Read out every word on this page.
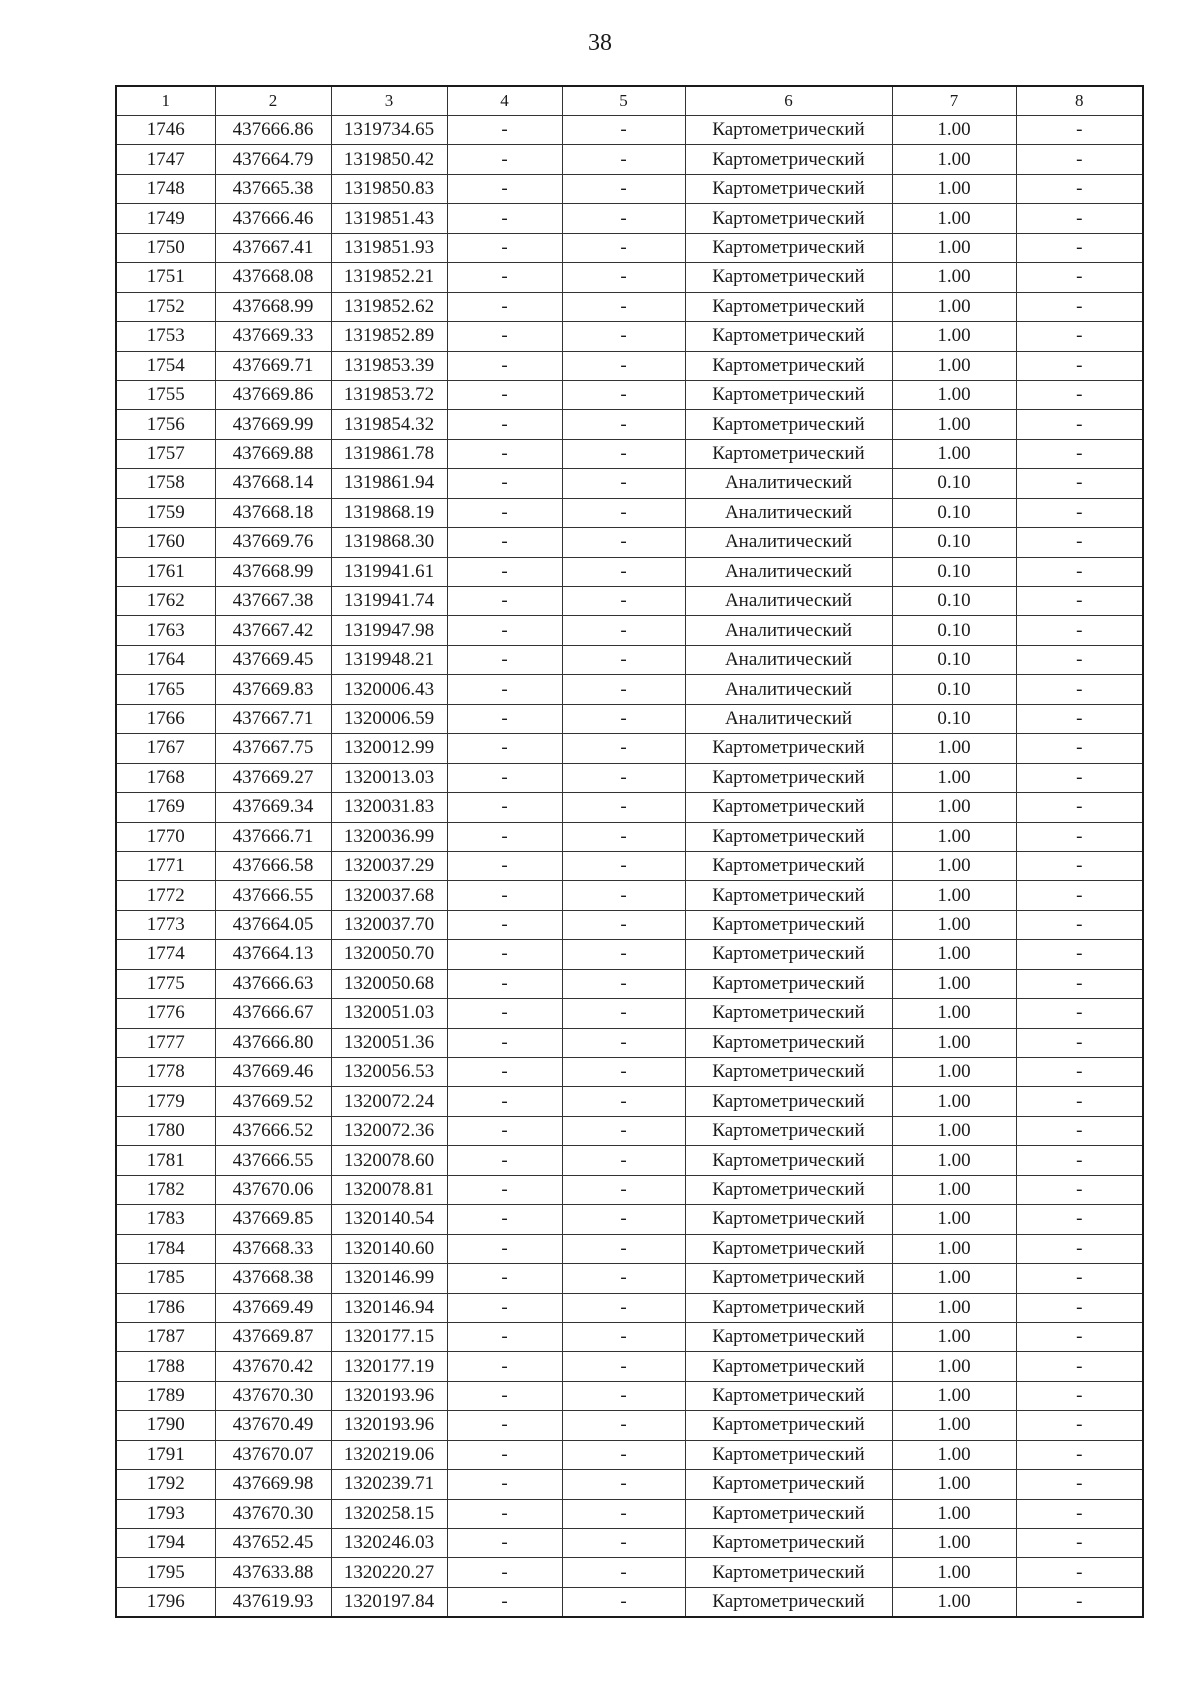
38
1	2	3	4	5	6	7	8
1746	437666.86	1319734.65	-	-	Картометрический	1.00	-
1747	437664.79	1319850.42	-	-	Картометрический	1.00	-
1748	437665.38	1319850.83	-	-	Картометрический	1.00	-
1749	437666.46	1319851.43	-	-	Картометрический	1.00	-
1750	437667.41	1319851.93	-	-	Картометрический	1.00	-
1751	437668.08	1319852.21	-	-	Картометрический	1.00	-
1752	437668.99	1319852.62	-	-	Картометрический	1.00	-
1753	437669.33	1319852.89	-	-	Картометрический	1.00	-
1754	437669.71	1319853.39	-	-	Картометрический	1.00	-
1755	437669.86	1319853.72	-	-	Картометрический	1.00	-
1756	437669.99	1319854.32	-	-	Картометрический	1.00	-
1757	437669.88	1319861.78	-	-	Картометрический	1.00	-
1758	437668.14	1319861.94	-	-	Аналитический	0.10	-
1759	437668.18	1319868.19	-	-	Аналитический	0.10	-
1760	437669.76	1319868.30	-	-	Аналитический	0.10	-
1761	437668.99	1319941.61	-	-	Аналитический	0.10	-
1762	437667.38	1319941.74	-	-	Аналитический	0.10	-
1763	437667.42	1319947.98	-	-	Аналитический	0.10	-
1764	437669.45	1319948.21	-	-	Аналитический	0.10	-
1765	437669.83	1320006.43	-	-	Аналитический	0.10	-
1766	437667.71	1320006.59	-	-	Аналитический	0.10	-
1767	437667.75	1320012.99	-	-	Картометрический	1.00	-
1768	437669.27	1320013.03	-	-	Картометрический	1.00	-
1769	437669.34	1320031.83	-	-	Картометрический	1.00	-
1770	437666.71	1320036.99	-	-	Картометрический	1.00	-
1771	437666.58	1320037.29	-	-	Картометрический	1.00	-
1772	437666.55	1320037.68	-	-	Картометрический	1.00	-
1773	437664.05	1320037.70	-	-	Картометрический	1.00	-
1774	437664.13	1320050.70	-	-	Картометрический	1.00	-
1775	437666.63	1320050.68	-	-	Картометрический	1.00	-
1776	437666.67	1320051.03	-	-	Картометрический	1.00	-
1777	437666.80	1320051.36	-	-	Картометрический	1.00	-
1778	437669.46	1320056.53	-	-	Картометрический	1.00	-
1779	437669.52	1320072.24	-	-	Картометрический	1.00	-
1780	437666.52	1320072.36	-	-	Картометрический	1.00	-
1781	437666.55	1320078.60	-	-	Картометрический	1.00	-
1782	437670.06	1320078.81	-	-	Картометрический	1.00	-
1783	437669.85	1320140.54	-	-	Картометрический	1.00	-
1784	437668.33	1320140.60	-	-	Картометрический	1.00	-
1785	437668.38	1320146.99	-	-	Картометрический	1.00	-
1786	437669.49	1320146.94	-	-	Картометрический	1.00	-
1787	437669.87	1320177.15	-	-	Картометрический	1.00	-
1788	437670.42	1320177.19	-	-	Картометрический	1.00	-
1789	437670.30	1320193.96	-	-	Картометрический	1.00	-
1790	437670.49	1320193.96	-	-	Картометрический	1.00	-
1791	437670.07	1320219.06	-	-	Картометрический	1.00	-
1792	437669.98	1320239.71	-	-	Картометрический	1.00	-
1793	437670.30	1320258.15	-	-	Картометрический	1.00	-
1794	437652.45	1320246.03	-	-	Картометрический	1.00	-
1795	437633.88	1320220.27	-	-	Картометрический	1.00	-
1796	437619.93	1320197.84	-	-	Картометрический	1.00	-
